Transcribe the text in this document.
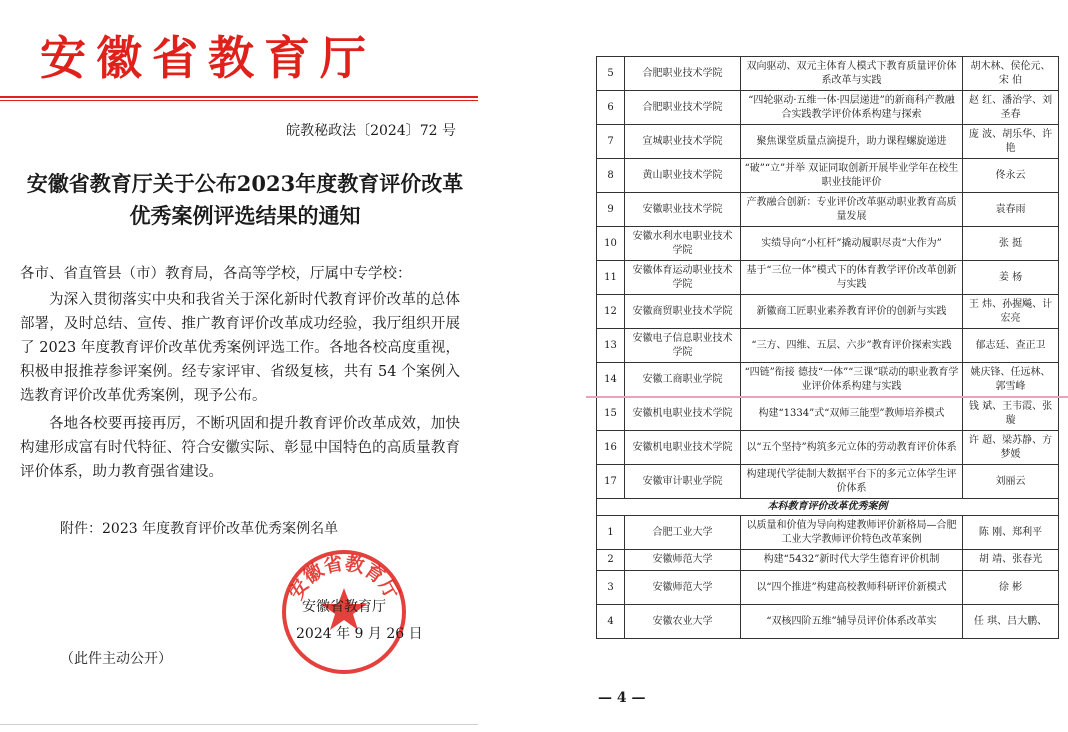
安徽省教育厅
皖教秘政法〔2024〕72 号
安徽省教育厅关于公布2023年度教育评价改革
优秀案例评选结果的通知
各市、省直管县（市）教育局，各高等学校，厅属中专学校：
为深入贯彻落实中央和我省关于深化新时代教育评价改革的总体部署，及时总结、宣传、推广教育评价改革成功经验，我厅组织开展了 2023 年度教育评价改革优秀案例评选工作。各地各校高度重视，积极申报推荐参评案例。经专家评审、省级复核，共有 54 个案例入选教育评价改革优秀案例，现予公布。
各地各校要再接再厉，不断巩固和提升教育评价改革成效，加快构建形成富有时代特征、符合安徽实际、彰显中国特色的高质量教育评价体系，助力教育强省建设。
附件：2023 年度教育评价改革优秀案例名单
安徽省教育厅
安徽省教育厅
2024 年 9 月 26 日
（此件主动公开）
5	合肥职业技术学院	双向驱动、双元主体育人模式下教育质量评价体系改革与实践	胡木林、侯伦元、宋 伯
6	合肥职业技术学院	“四轮驱动·五维一体·四层递进”的新商科产教融合实践教学评价体系构建与探索	赵 红、潘治学、刘圣春
7	宣城职业技术学院	聚焦课堂质量点滴提升，助力课程螺旋递进	庞 波、胡乐华、许 艳
8	黄山职业技术学院	“破”“立”并举 双证同取创新开展毕业学年在校生职业技能评价	佟永云
9	安徽职业技术学院	产教融合创新：专业评价改革驱动职业教育高质量发展	袁春雨
10	安徽水利水电职业技术学院	实绩导向“小杠杆”撬动履职尽责“大作为”	张 挺
11	安徽体育运动职业技术学院	基于“三位一体”模式下的体育教学评价改革创新与实践	姜 杨
12	安徽商贸职业技术学院	新徽商工匠职业素养教育评价的创新与实践	王 炜、孙握飚、计宏亮
13	安徽电子信息职业技术学院	“三方、四维、五层、六步”教育评价探索实践	郁志廷、查正卫
14	安徽工商职业学院	“四链”衔接 德技“一体”“三课”联动的职业教育学业评价体系构建与实践	姚庆锋、任远林、郭雪峰
15	安徽机电职业技术学院	构建“1334”式“双师三能型”教师培养模式	钱 斌、王韦霞、张 璇
16	安徽机电职业技术学院	以“五个坚持”构筑多元立体的劳动教育评价体系	许 超、梁苏静、方梦媛
17	安徽审计职业学院	构建现代学徒制大数据平台下的多元立体学生评价体系	刘丽云
本科教育评价改革优秀案例			
1	合肥工业大学	以质量和价值为导向构建教师评价新格局—合肥工业大学教师评价特色改革案例	陈 刚、郑利平
2	安徽师范大学	构建“5432”新时代大学生德育评价机制	胡 靖、张春光
3	安徽师范大学	以“四个推进”构建高校教师科研评价新模式	徐 彬
4	安徽农业大学	“双核四阶五维”辅导员评价体系改革实	任 琪、吕大鹏、
— 4 —
